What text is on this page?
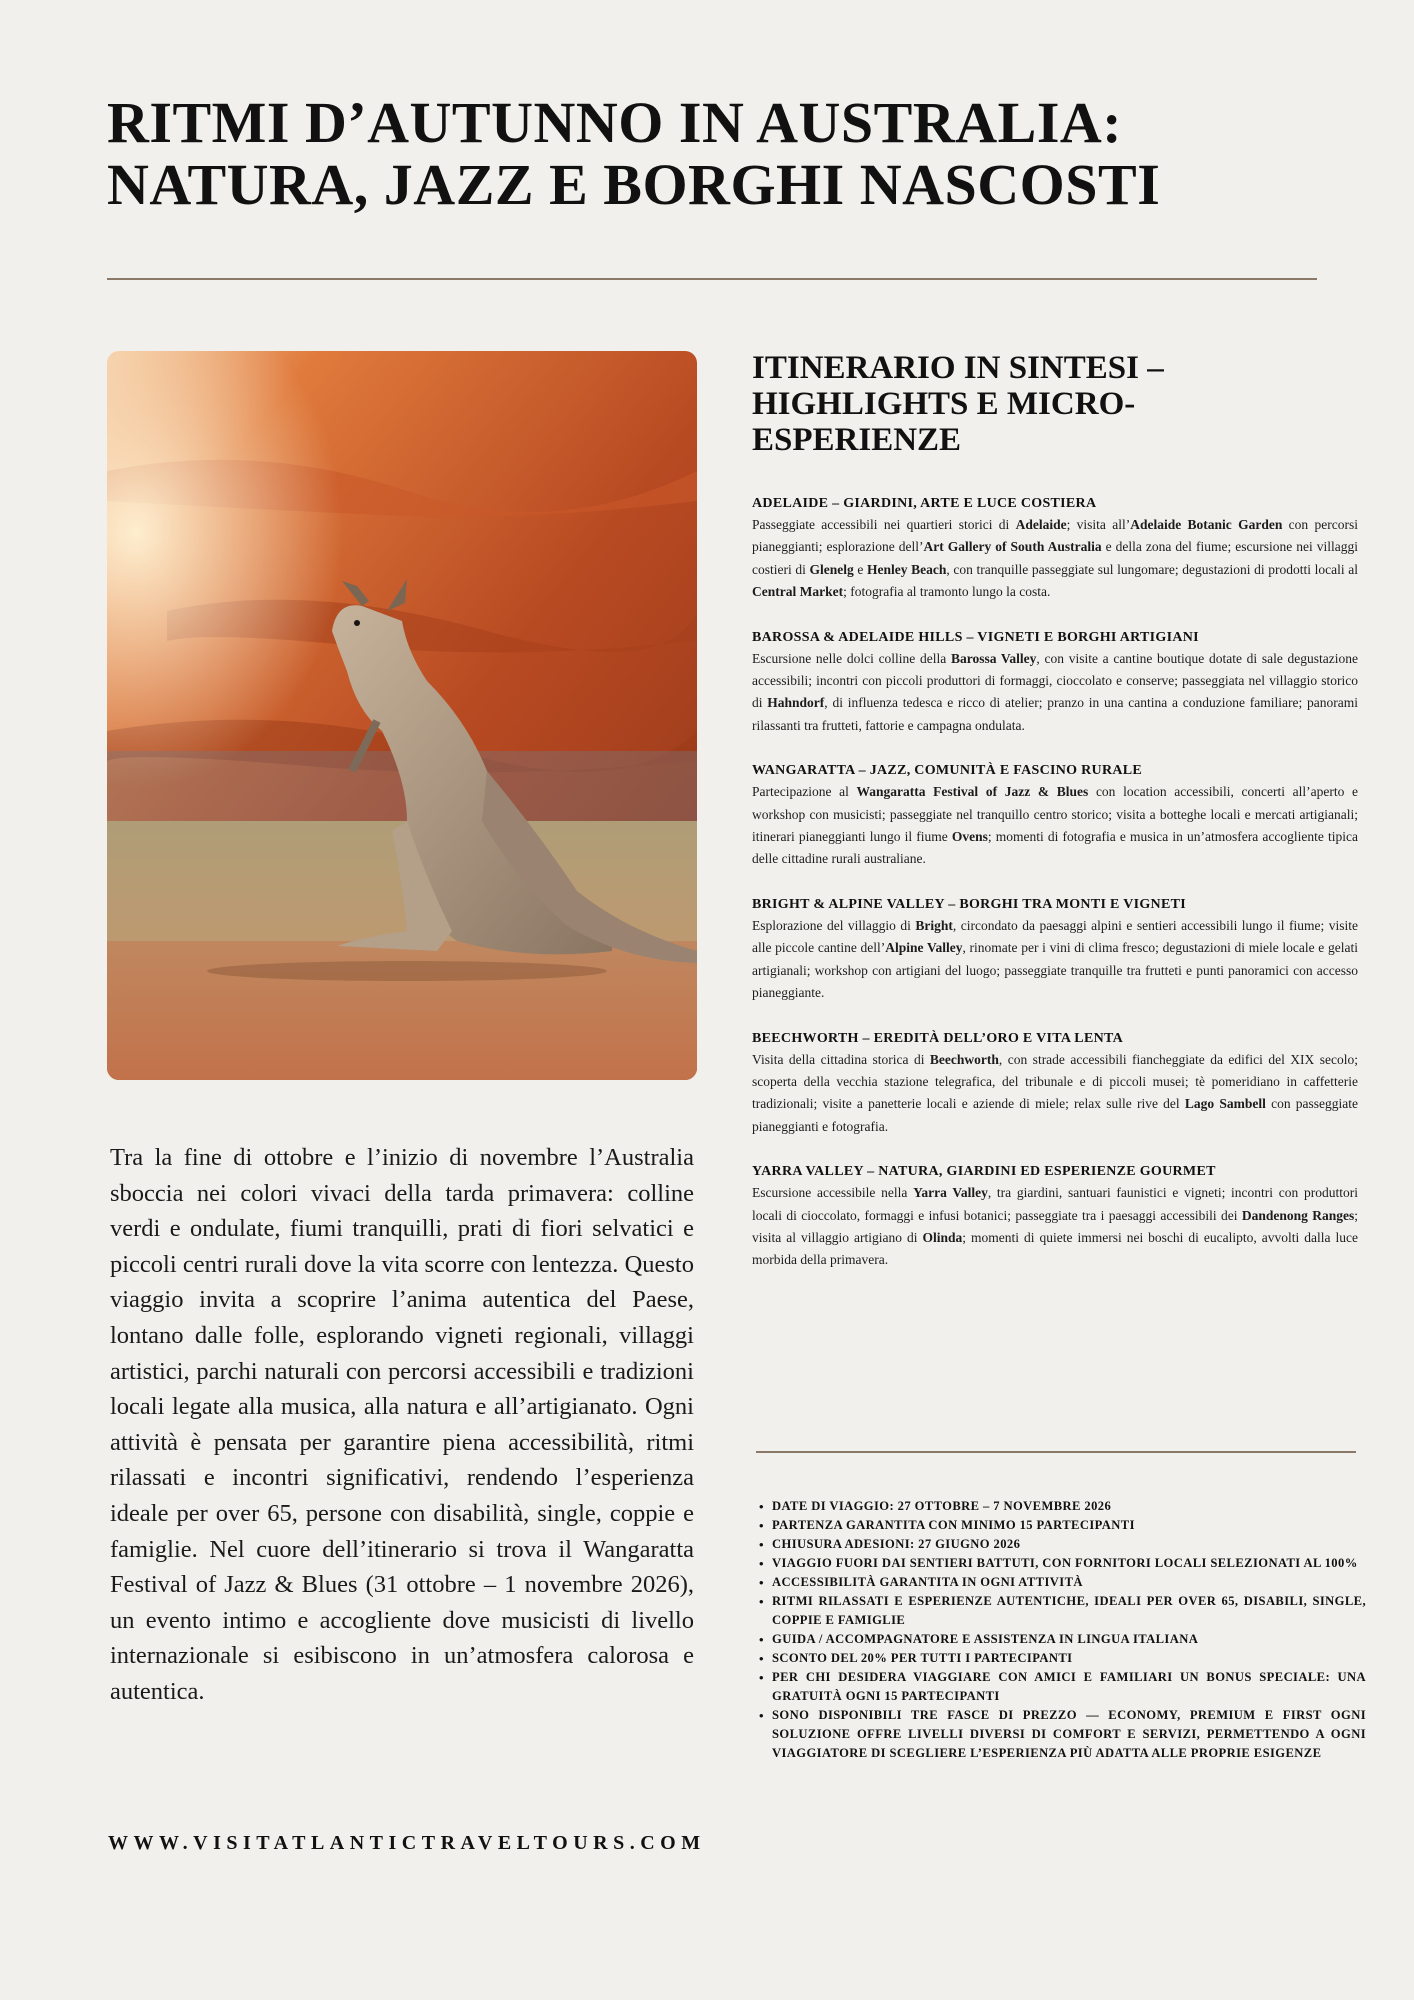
RITMI D’AUTUNNO IN AUSTRALIA:
NATURA, JAZZ E BORGHI NASCOSTI

Tra la fine di ottobre e l’inizio di novembre l’Australia sboccia nei colori vivaci della tarda primavera: colline verdi e ondulate, fiumi tranquilli, prati di fiori selvatici e piccoli centri rurali dove la vita scorre con lentezza. Questo viaggio invita a scoprire l’anima autentica del Paese, lontano dalle folle, esplorando vigneti regionali, villaggi artistici, parchi naturali con percorsi accessibili e tradizioni locali legate alla musica, alla natura e all’artigianato. Ogni attività è pensata per garantire piena accessibilità, ritmi rilassati e incontri significativi, rendendo l’esperienza ideale per over 65, persone con disabilità, single, coppie e famiglie. Nel cuore dell’itinerario si trova il Wangaratta Festival of Jazz & Blues (31 ottobre – 1 novembre 2026), un evento intimo e accogliente dove musicisti di livello internazionale si esibiscono in un’atmosfera calorosa e autentica.

WWW.VISITATLANTICTRAVELTOURS.COM

ITINERARIO IN SINTESI – HIGHLIGHTS E MICRO-ESPERIENZE
ADELAIDE – GIARDINI, ARTE E LUCE COSTIERA

Passeggiate accessibili nei quartieri storici di Adelaide; visita all’Adelaide Botanic Garden con percorsi pianeggianti; esplorazione dell’Art Gallery of South Australia e della zona del fiume; escursione nei villaggi costieri di Glenelg e Henley Beach, con tranquille passeggiate sul lungomare; degustazioni di prodotti locali al Central Market; fotografia al tramonto lungo la costa.

BAROSSA & ADELAIDE HILLS – VIGNETI E BORGHI ARTIGIANI

Escursione nelle dolci colline della Barossa Valley, con visite a cantine boutique dotate di sale degustazione accessibili; incontri con piccoli produttori di formaggi, cioccolato e conserve; passeggiata nel villaggio storico di Hahndorf, di influenza tedesca e ricco di atelier; pranzo in una cantina a conduzione familiare; panorami rilassanti tra frutteti, fattorie e campagna ondulata.

WANGARATTA – JAZZ, COMUNITÀ E FASCINO RURALE

Partecipazione al Wangaratta Festival of Jazz & Blues con location accessibili, concerti all’aperto e workshop con musicisti; passeggiate nel tranquillo centro storico; visita a botteghe locali e mercati artigianali; itinerari pianeggianti lungo il fiume Ovens; momenti di fotografia e musica in un’atmosfera accogliente tipica delle cittadine rurali australiane.

BRIGHT & ALPINE VALLEY – BORGHI TRA MONTI E VIGNETI

Esplorazione del villaggio di Bright, circondato da paesaggi alpini e sentieri accessibili lungo il fiume; visite alle piccole cantine dell’Alpine Valley, rinomate per i vini di clima fresco; degustazioni di miele locale e gelati artigianali; workshop con artigiani del luogo; passeggiate tranquille tra frutteti e punti panoramici con accesso pianeggiante.

BEECHWORTH – EREDITÀ DELL’ORO E VITA LENTA

Visita della cittadina storica di Beechworth, con strade accessibili fiancheggiate da edifici del XIX secolo; scoperta della vecchia stazione telegrafica, del tribunale e di piccoli musei; tè pomeridiano in caffetterie tradizionali; visite a panetterie locali e aziende di miele; relax sulle rive del Lago Sambell con passeggiate pianeggianti e fotografia.

YARRA VALLEY – NATURA, GIARDINI ED ESPERIENZE GOURMET

Escursione accessibile nella Yarra Valley, tra giardini, santuari faunistici e vigneti; incontri con produttori locali di cioccolato, formaggi e infusi botanici; passeggiate tra i paesaggi accessibili dei Dandenong Ranges; visita al villaggio artigiano di Olinda; momenti di quiete immersi nei boschi di eucalipto, avvolti dalla luce morbida della primavera.

• DATE DI VIAGGIO: 27 OTTOBRE – 7 NOVEMBRE 2026
• PARTENZA GARANTITA CON MINIMO 15 PARTECIPANTI
• CHIUSURA ADESIONI: 27 GIUGNO 2026
• VIAGGIO FUORI DAI SENTIERI BATTUTI, CON FORNITORI LOCALI SELEZIONATI AL 100%
• ACCESSIBILITÀ GARANTITA IN OGNI ATTIVITÀ
• RITMI RILASSATI E ESPERIENZE AUTENTICHE, IDEALI PER OVER 65, DISABILI, SINGLE, COPPIE E FAMIGLIE
• GUIDA / ACCOMPAGNATORE E ASSISTENZA IN LINGUA ITALIANA
• SCONTO DEL 20% PER TUTTI I PARTECIPANTI
• PER CHI DESIDERA VIAGGIARE CON AMICI E FAMILIARI UN BONUS SPECIALE: UNA GRATUITÀ OGNI 15 PARTECIPANTI
• SONO DISPONIBILI TRE FASCE DI PREZZO — ECONOMY, PREMIUM E FIRST OGNI SOLUZIONE OFFRE LIVELLI DIVERSI DI COMFORT E SERVIZI, PERMETTENDO A OGNI VIAGGIATORE DI SCEGLIERE L’ESPERIENZA PIÙ ADATTA ALLE PROPRIE ESIGENZE
